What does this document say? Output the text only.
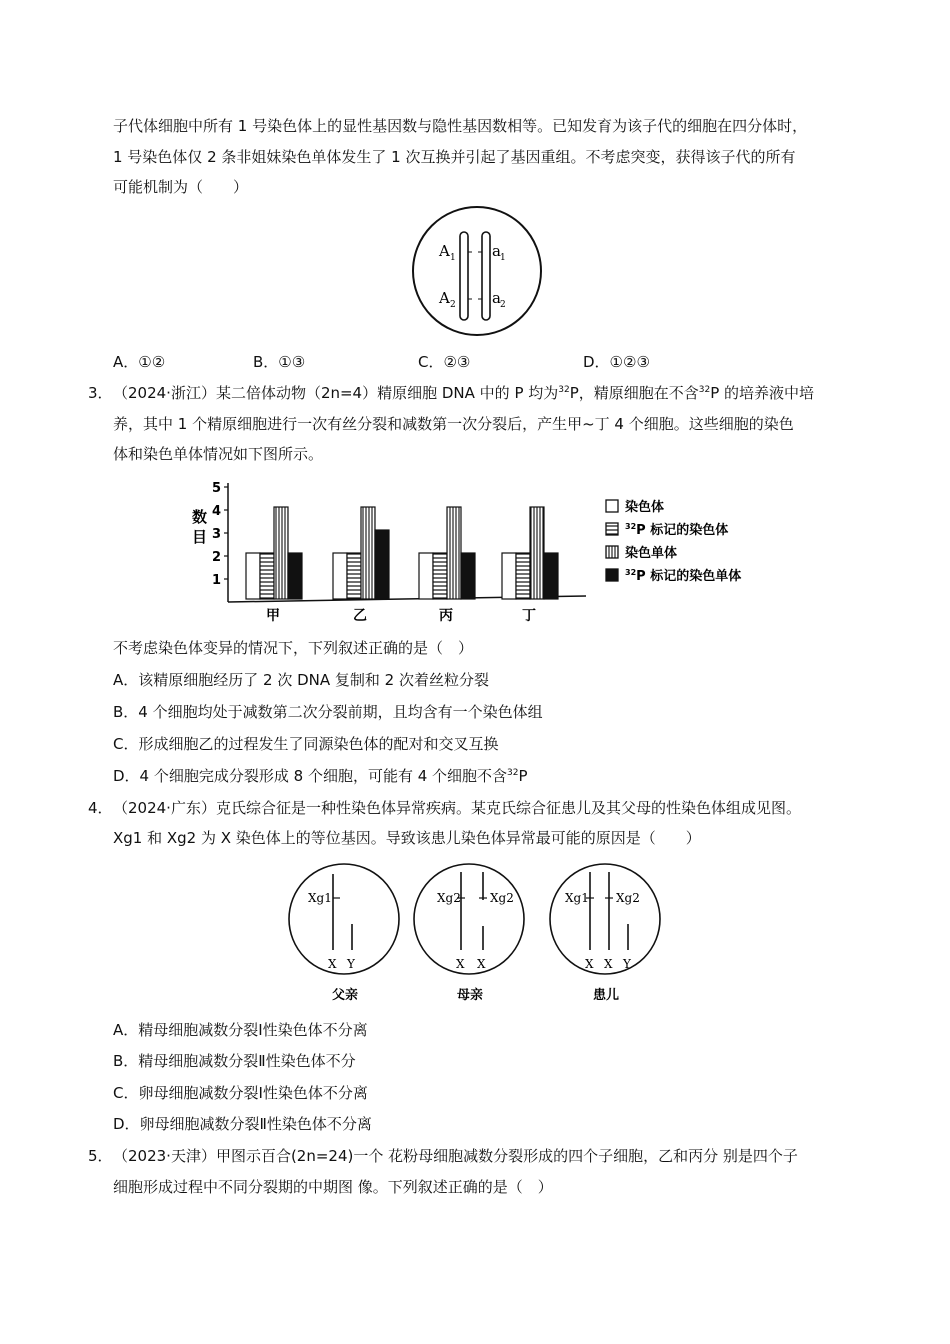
子代体细胞中所有 1 号染色体上的显性基因数与隐性基因数相等。已知发育为该子代的细胞在四分体时，
1 号染色体仅 2 条非姐妹染色单体发生了 1 次互换并引起了基因重组。不考虑突变，获得该子代的所有
可能机制为（　　）
A 1
A 2
a 1
a 2
A．①②	B．①③	C．②③	D．①②③
3． （2024·浙江）某二倍体动物（2n=4）精原细胞 DNA 中的 P 均为$^{32}$P，精原细胞在不含$^{32}$P 的培养液中培
养，其中 1 个精原细胞进行一次有丝分裂和减数第一次分裂后，产生甲~丁 4 个细胞。这些细胞的染色
体和染色单体情况如下图所示。
1
2
3
4
5
甲	乙	丙	丁
数
目
染色体
$^{32}$P 标记的染色体
染色单体
$^{32}$P 标记的染色单体
不考虑染色体变异的情况下，下列叙述正确的是（　）
A．该精原细胞经历了 2 次 DNA 复制和 2 次着丝粒分裂
B．4 个细胞均处于减数第二次分裂前期，且均含有一个染色体组
C．形成细胞乙的过程发生了同源染色体的配对和交叉互换
D．4 个细胞完成分裂形成 8 个细胞，可能有 4 个细胞不含$^{32}$P
4． （2024·广东）克氏综合征是一种性染色体异常疾病。某克氏综合征患儿及其父母的性染色体组成见图。
Xg1 和 Xg2 为 X 染色体上的等位基因。导致该患儿染色体异常最可能的原因是（　　）
Xg1
X Y
父亲
Xg2 Xg2
X X
母亲
Xg1 Xg2
X X Y
患儿
A．精母细胞减数分裂Ⅰ性染色体不分离
B．精母细胞减数分裂Ⅱ性染色体不分
C．卵母细胞减数分裂Ⅰ性染色体不分离
D．卵母细胞减数分裂Ⅱ性染色体不分离
5． （2023·天津）甲图示百合(2n=24)一个 花粉母细胞减数分裂形成的四个子细胞，乙和丙分 别是四个子
细胞形成过程中不同分裂期的中期图 像。下列叙述正确的是（　）
